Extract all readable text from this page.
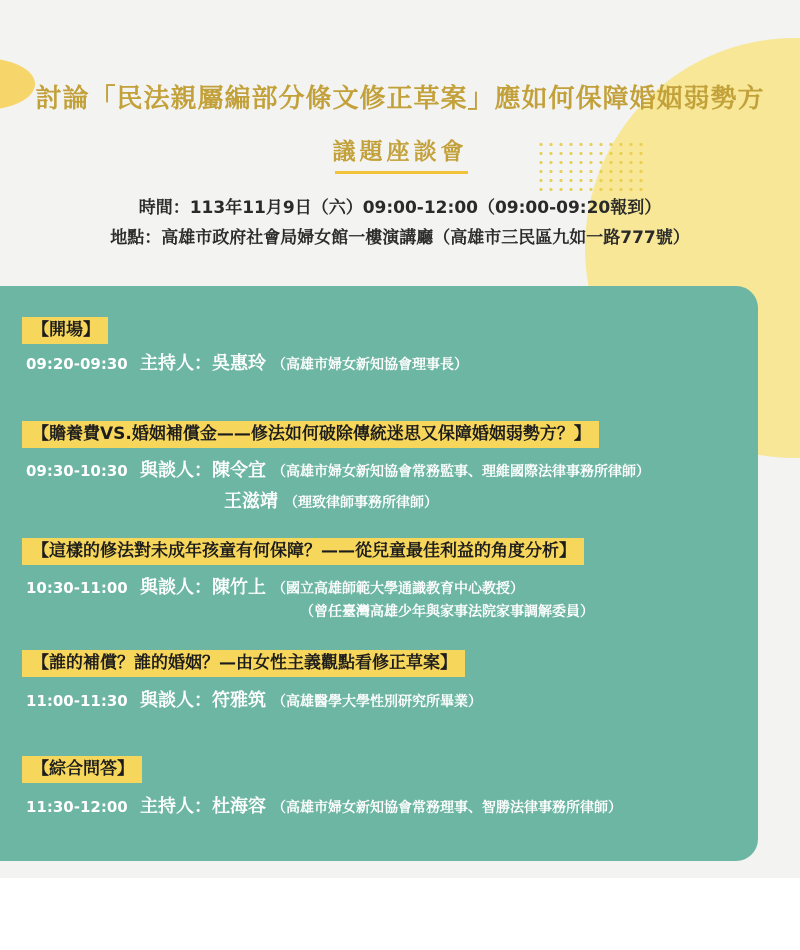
討論「民法親屬編部分條文修正草案」應如何保障婚姻弱勢方
議題座談會
時間：113年11月9日（六）09:00-12:00（09:00-09:20報到）
地點：高雄市政府社會局婦女館一樓演講廳（高雄市三民區九如一路777號）
【開場】
09:20-09:30 主持人：吳惠玲 （高雄市婦女新知協會理事長）
【贍養費VS.婚姻補償金——修法如何破除傳統迷思又保障婚姻弱勢方？】
09:30-10:30 與談人：陳令宜 （高雄市婦女新知協會常務監事、理維國際法律事務所律師）
王滋靖 （理致律師事務所律師）
【這樣的修法對未成年孩童有何保障？——從兒童最佳利益的角度分析】
10:30-11:00 與談人：陳竹上 （國立高雄師範大學通識教育中心教授）
（曾任臺灣高雄少年與家事法院家事調解委員）
【誰的補償？誰的婚姻？—由女性主義觀點看修正草案】
11:00-11:30 與談人：符雅筑 （高雄醫學大學性別研究所畢業）
【綜合問答】
11:30-12:00 主持人：杜海容 （高雄市婦女新知協會常務理事、智勝法律事務所律師）
